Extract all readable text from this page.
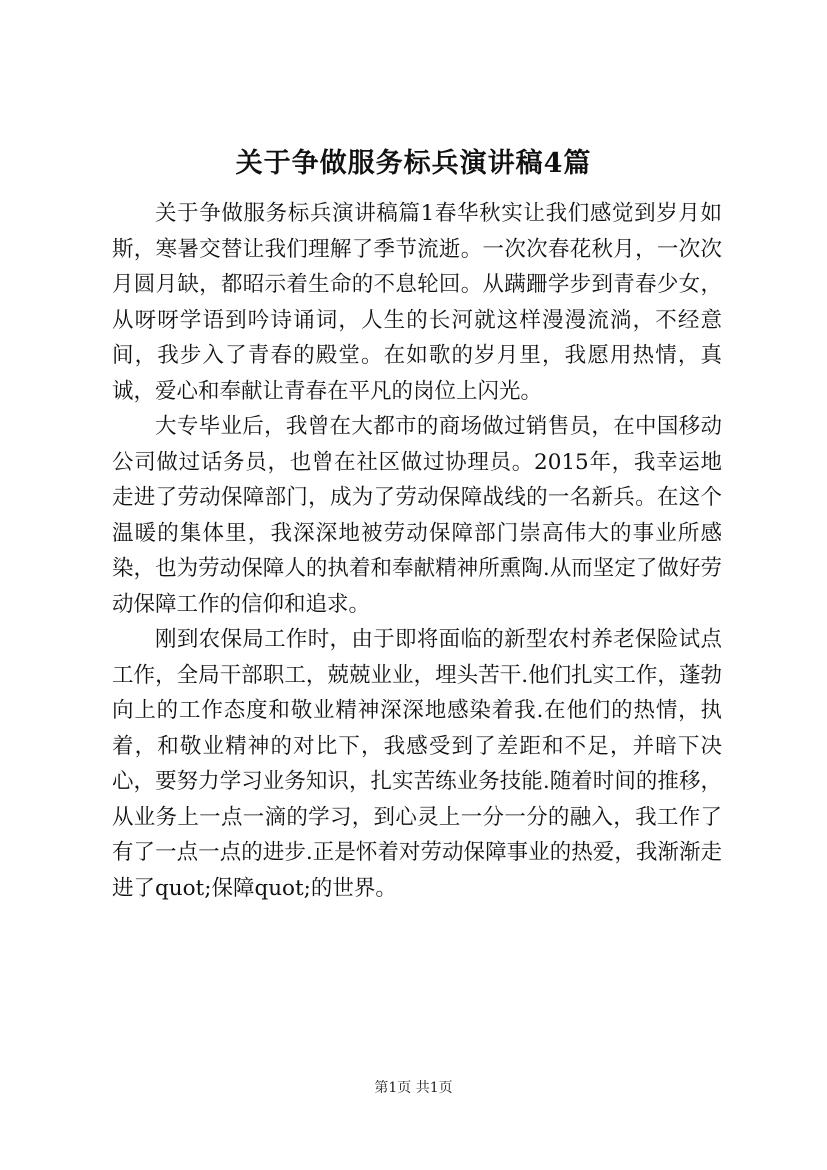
关于争做服务标兵演讲稿4篇

关于争做服务标兵演讲稿篇1春华秋实让我们感觉到岁月如斯，寒暑交替让我们理解了季节流逝。一次次春花秋月，一次次月圆月缺，都昭示着生命的不息轮回。从蹒跚学步到青春少女，从呀呀学语到吟诗诵词，人生的长河就这样漫漫流淌，不经意间，我步入了青春的殿堂。在如歌的岁月里，我愿用热情，真诚，爱心和奉献让青春在平凡的岗位上闪光。

大专毕业后，我曾在大都市的商场做过销售员，在中国移动公司做过话务员，也曾在社区做过协理员。2015年，我幸运地走进了劳动保障部门，成为了劳动保障战线的一名新兵。在这个温暖的集体里，我深深地被劳动保障部门崇高伟大的事业所感染，也为劳动保障人的执着和奉献精神所熏陶.从而坚定了做好劳动保障工作的信仰和追求。

刚到农保局工作时，由于即将面临的新型农村养老保险试点工作，全局干部职工，兢兢业业，埋头苦干.他们扎实工作，蓬勃向上的工作态度和敬业精神深深地感染着我.在他们的热情，执着，和敬业精神的对比下，我感受到了差距和不足，并暗下决心，要努力学习业务知识，扎实苦练业务技能.随着时间的推移，从业务上一点一滴的学习，到心灵上一分一分的融入，我工作了有了一点一点的进步.正是怀着对劳动保障事业的热爱，我渐渐走进了quot;保障quot;的世界。

第1页 共1页
